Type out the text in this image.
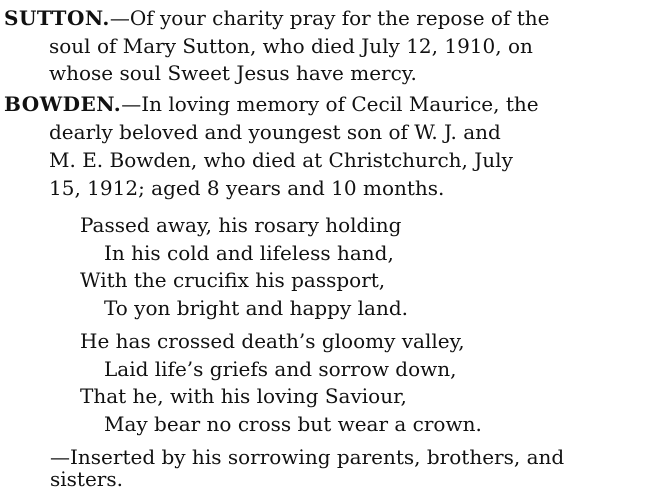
SUTTON.—Of your charity pray for the repose of the
soul of Mary Sutton, who died July 12, 1910, on
whose soul Sweet Jesus have mercy.
BOWDEN.—In loving memory of Cecil Maurice, the
dearly beloved and youngest son of W. J. and
M. E. Bowden, who died at Christchurch, July
15, 1912; aged 8 years and 10 months.
Passed away, his rosary holding
In his cold and lifeless hand,
With the crucifix his passport,
To yon bright and happy land.
He has crossed death’s gloomy valley,
Laid life’s griefs and sorrow down,
That he, with his loving Saviour,
May bear no cross but wear a crown.
—Inserted by his sorrowing parents, brothers, and
sisters.
